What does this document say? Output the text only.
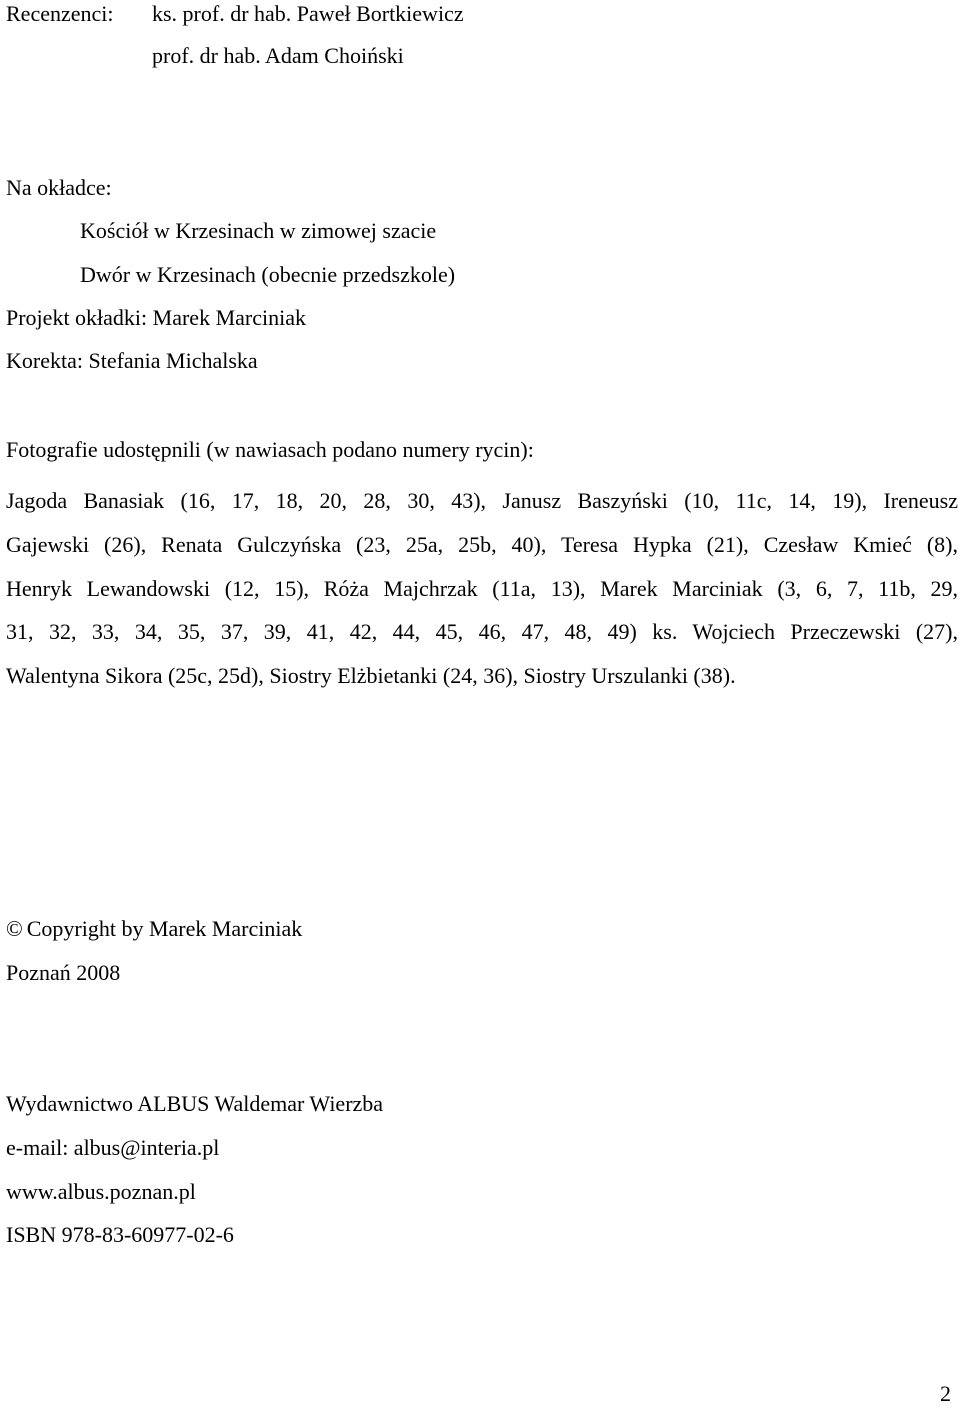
Recenzenci: ks. prof. dr hab. Paweł Bortkiewicz
prof. dr hab. Adam Choiński
Na okładce:
Kościół w Krzesinach w zimowej szacie
Dwór w Krzesinach (obecnie przedszkole)
Projekt okładki: Marek Marciniak
Korekta: Stefania Michalska
Fotografie udostępnili (w nawiasach podano numery rycin):
Jagoda Banasiak (16, 17, 18, 20, 28, 30, 43), Janusz Baszyński (10, 11c, 14, 19), Ireneusz
Gajewski (26), Renata Gulczyńska (23, 25a, 25b, 40), Teresa Hypka (21), Czesław Kmieć (8),
Henryk Lewandowski (12, 15), Róża Majchrzak (11a, 13), Marek Marciniak (3, 6, 7, 11b, 29,
31, 32, 33, 34, 35, 37, 39, 41, 42, 44, 45, 46, 47, 48, 49) ks. Wojciech Przeczewski (27),
Walentyna Sikora (25c, 25d), Siostry Elżbietanki (24, 36), Siostry Urszulanki (38).
© Copyright by Marek Marciniak
Poznań 2008
Wydawnictwo ALBUS Waldemar Wierzba
e-mail: albus@interia.pl
www.albus.poznan.pl
ISBN 978-83-60977-02-6
2
